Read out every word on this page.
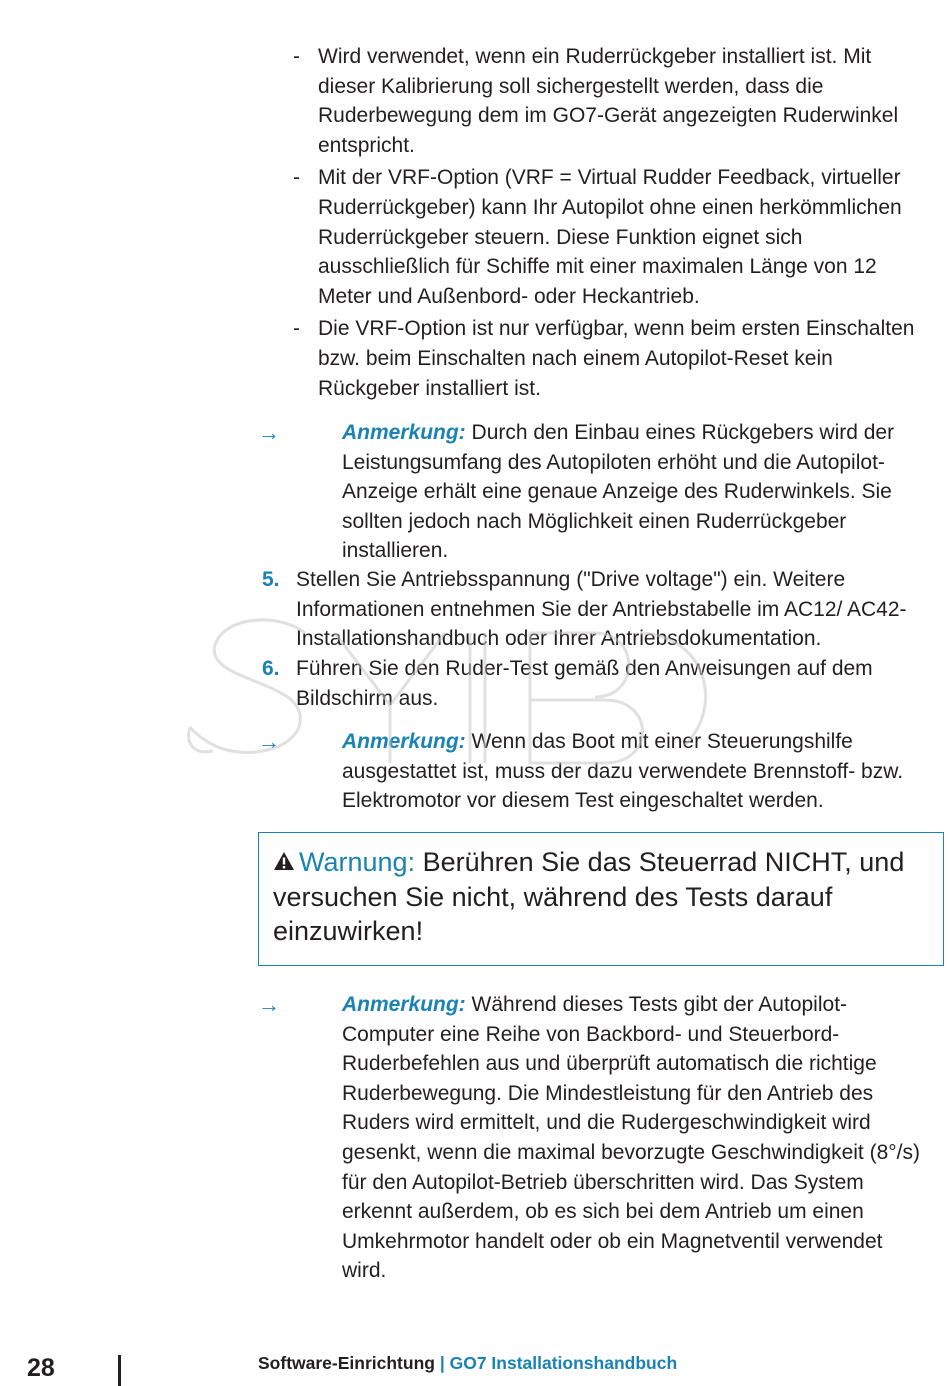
- Wird verwendet, wenn ein Ruderrückgeber installiert ist. Mit dieser Kalibrierung soll sichergestellt werden, dass die Ruderbewegung dem im GO7-Gerät angezeigten Ruderwinkel entspricht.
- Mit der VRF-Option (VRF = Virtual Rudder Feedback, virtueller Ruderrückgeber) kann Ihr Autopilot ohne einen herkömmlichen Ruderrückgeber steuern. Diese Funktion eignet sich ausschließlich für Schiffe mit einer maximalen Länge von 12 Meter und Außenbord- oder Heckantrieb.
- Die VRF-Option ist nur verfügbar, wenn beim ersten Einschalten bzw. beim Einschalten nach einem Autopilot-Reset kein Rückgeber installiert ist.
→	Anmerkung: Durch den Einbau eines Rückgebers wird der Leistungsumfang des Autopiloten erhöht und die Autopilot-Anzeige erhält eine genaue Anzeige des Ruderwinkels. Sie sollten jedoch nach Möglichkeit einen Ruderrückgeber installieren.
5. Stellen Sie Antriebsspannung ("Drive voltage") ein. Weitere Informationen entnehmen Sie der Antriebstabelle im AC12/ AC42-Installationshandbuch oder Ihrer Antriebsdokumentation.
6. Führen Sie den Ruder-Test gemäß den Anweisungen auf dem Bildschirm aus.
→	Anmerkung: Wenn das Boot mit einer Steuerungshilfe ausgestattet ist, muss der dazu verwendete Brennstoff- bzw. Elektromotor vor diesem Test eingeschaltet werden.
Warnung: Berühren Sie das Steuerrad NICHT, und versuchen Sie nicht, während des Tests darauf einzuwirken!
→	Anmerkung: Während dieses Tests gibt der Autopilot-Computer eine Reihe von Backbord- und Steuerbord-Ruderbefehlen aus und überprüft automatisch die richtige Ruderbewegung. Die Mindestleistung für den Antrieb des Ruders wird ermittelt, und die Rudergeschwindigkeit wird gesenkt, wenn die maximal bevorzugte Geschwindigkeit (8°/s) für den Autopilot-Betrieb überschritten wird. Das System erkennt außerdem, ob es sich bei dem Antrieb um einen Umkehrmotor handelt oder ob ein Magnetventil verwendet wird.
28	Software-Einrichtung | GO7 Installationshandbuch
